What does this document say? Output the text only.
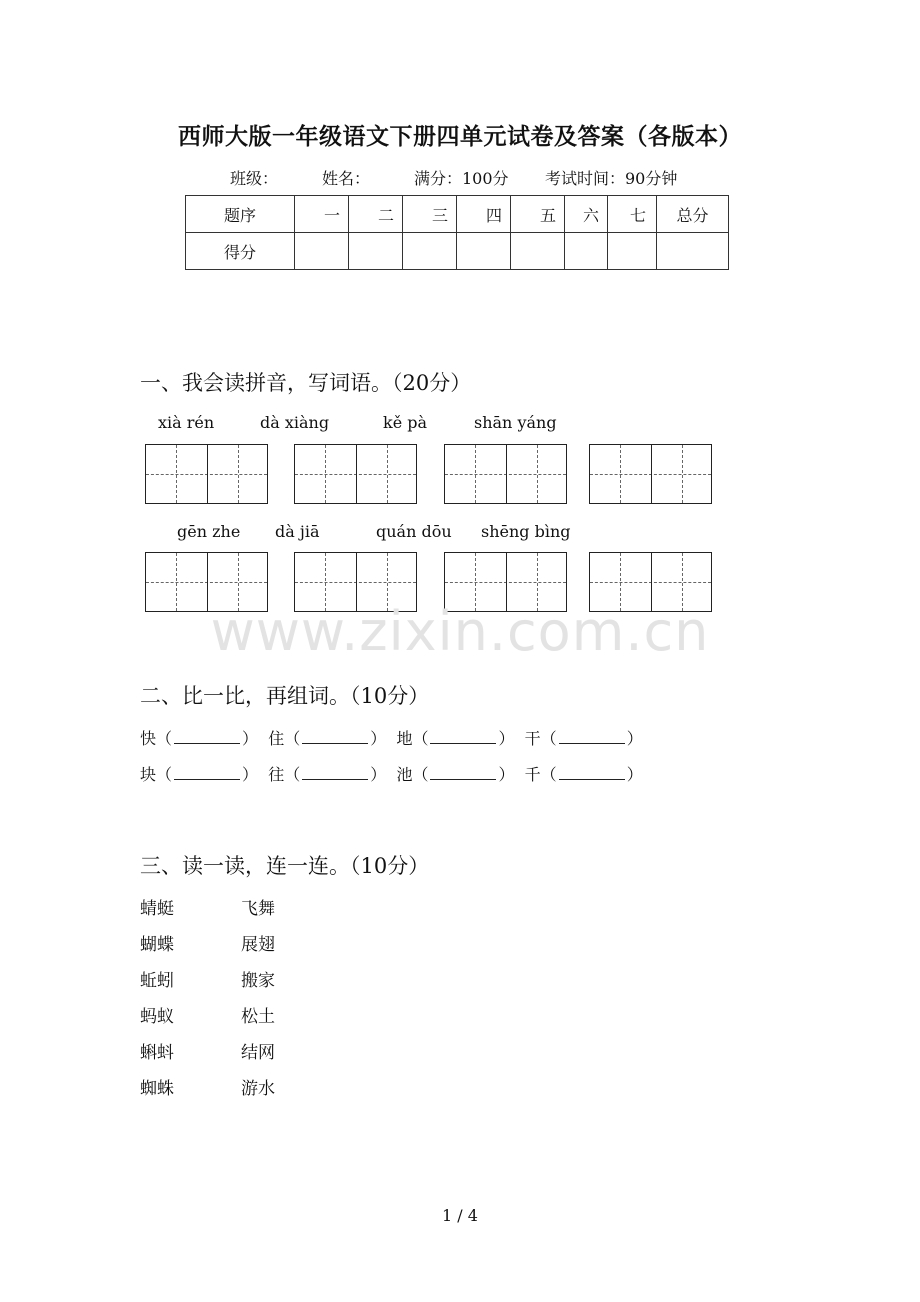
西师大版一年级语文下册四单元试卷及答案（各版本）
班级：	姓名：	满分：100分 考试时间：90分钟
题序	一	二	三	四	五	六	七	总分
得分								
一、我会读拼音，写词语。（20分）
xià rén	dà xiàng	kě pà	shān yáng
gēn zhe dà jiā	quán dōu shēng bìng
www.zixin.com.cn
二、比一比，再组词。（10分）
快（	）  住（	）  地（	）  干（	）
块（	）  往（	）  池（	）  千（	）
三、读一读，连一连。（10分）
蜻蜓	飞舞
蝴蝶	展翅
蚯蚓	搬家
蚂蚁	松土
蝌蚪	结网
蜘蛛	游水
1 / 4
